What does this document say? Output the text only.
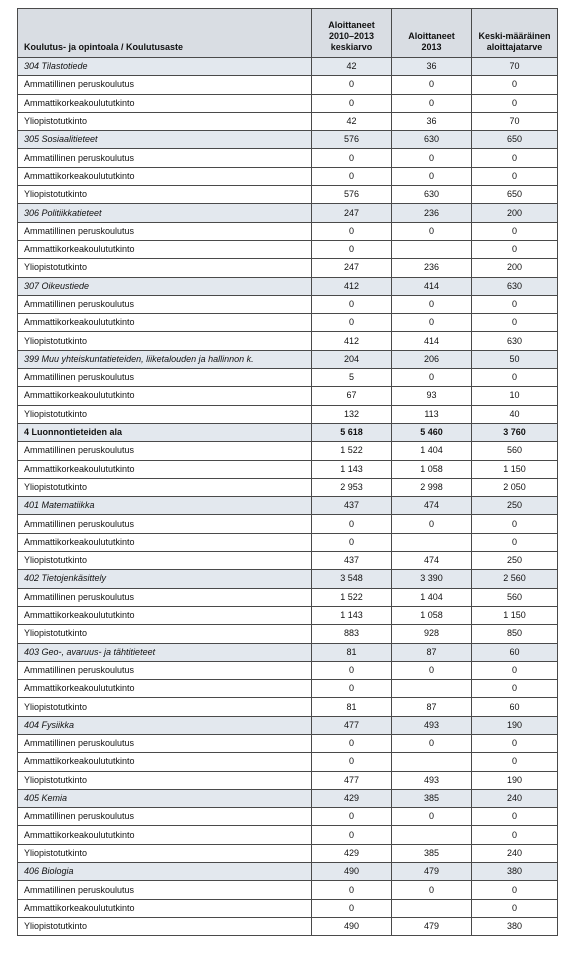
Koulutus- ja opintoala / Koulutusaste	Aloittaneet 2010–2013 keskiarvo	Aloittaneet 2013	Keski-määräinen aloittajatarve
304 Tilastotiede	42	36	70
Ammatillinen peruskoulutus	0	0	0
Ammattikorkeakoulututkinto	0	0	0
Yliopistotutkinto	42	36	70
305 Sosiaalitieteet	576	630	650
Ammatillinen peruskoulutus	0	0	0
Ammattikorkeakoulututkinto	0	0	0
Yliopistotutkinto	576	630	650
306 Politiikkatieteet	247	236	200
Ammatillinen peruskoulutus	0	0	0
Ammattikorkeakoulututkinto	0		0
Yliopistotutkinto	247	236	200
307 Oikeustiede	412	414	630
Ammatillinen peruskoulutus	0	0	0
Ammattikorkeakoulututkinto	0	0	0
Yliopistotutkinto	412	414	630
399 Muu yhteiskuntatieteiden, liiketalouden ja hallinnon k.	204	206	50
Ammatillinen peruskoulutus	5	0	0
Ammattikorkeakoulututkinto	67	93	10
Yliopistotutkinto	132	113	40
4 Luonnontieteiden ala	5 618	5 460	3 760
Ammatillinen peruskoulutus	1 522	1 404	560
Ammattikorkeakoulututkinto	1 143	1 058	1 150
Yliopistotutkinto	2 953	2 998	2 050
401 Matematiikka	437	474	250
Ammatillinen peruskoulutus	0	0	0
Ammattikorkeakoulututkinto	0		0
Yliopistotutkinto	437	474	250
402 Tietojenkäsittely	3 548	3 390	2 560
Ammatillinen peruskoulutus	1 522	1 404	560
Ammattikorkeakoulututkinto	1 143	1 058	1 150
Yliopistotutkinto	883	928	850
403 Geo-, avaruus- ja tähtitieteet	81	87	60
Ammatillinen peruskoulutus	0	0	0
Ammattikorkeakoulututkinto	0		0
Yliopistotutkinto	81	87	60
404 Fysiikka	477	493	190
Ammatillinen peruskoulutus	0	0	0
Ammattikorkeakoulututkinto	0		0
Yliopistotutkinto	477	493	190
405 Kemia	429	385	240
Ammatillinen peruskoulutus	0	0	0
Ammattikorkeakoulututkinto	0		0
Yliopistotutkinto	429	385	240
406 Biologia	490	479	380
Ammatillinen peruskoulutus	0	0	0
Ammattikorkeakoulututkinto	0		0
Yliopistotutkinto	490	479	380
